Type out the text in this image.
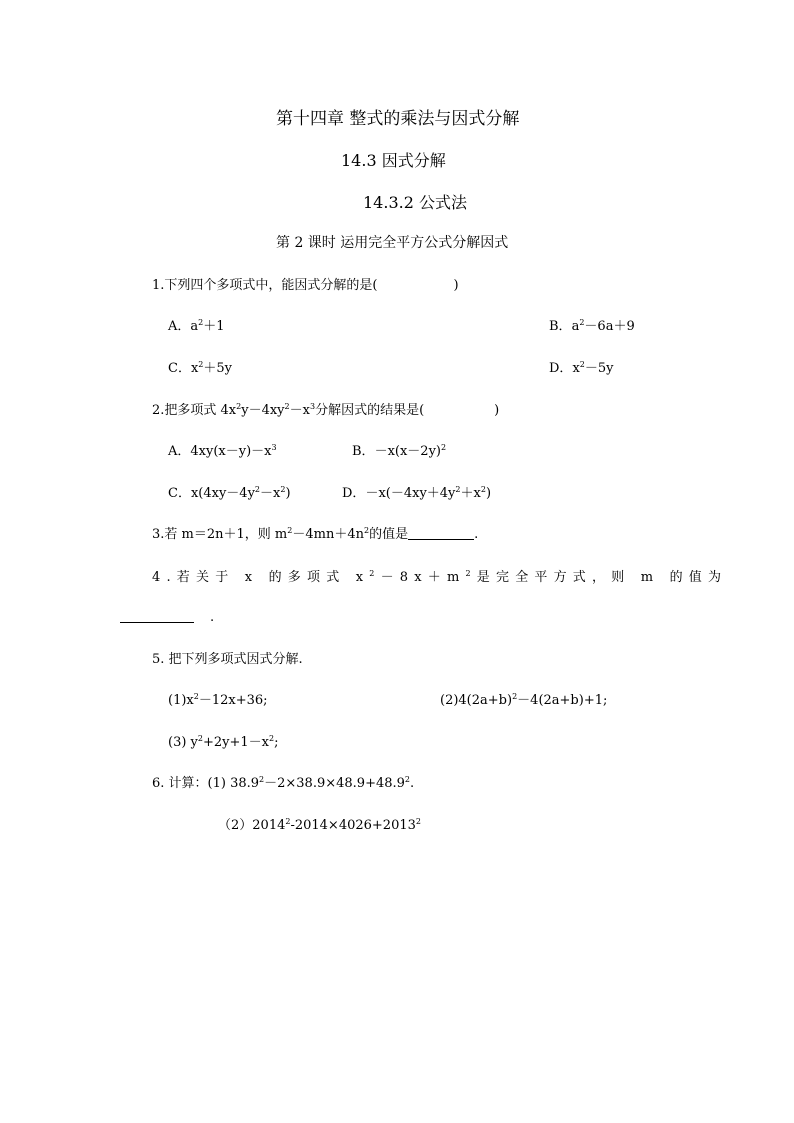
第十四章 整式的乘法与因式分解
14.3 因式分解
14.3.2 公式法
第 2 课时 运用完全平方公式分解因式
1.下列四个多项式中，能因式分解的是(	)
A．$a^2+1$	B．$a^2-6a+9$
C．$x^2+5y$	D．$x^2-5y$
2.把多项式 $4x^2y-4xy^2-x^3$分解因式的结果是(	)
A．$4xy(x-y)-x^3$	B．$-x(x-2y)^2$
C．$x(4xy-4y^2-x^2)$	D．$-x(-4xy+4y^2+x^2)$
3.若 m＝2n＋1，则 $m^2-4mn+4n^2$的值是	.
4.若关于 x 的多项式 $x^2-8x+m^2$是完全平方式，则 m 的值为
.
5. 把下列多项式因式分解.
$(1)x^2-12x+36$;	$(2)4(2a+b)^2-4(2a+b)+1$;
(3) $y^2+2y+1-x^2$;
6. 计算：(1) $38.9^2-2\times 38.9\times 48.9+48.9^2$.
$(2)2014^2-2014\times 4026+2013^2$
